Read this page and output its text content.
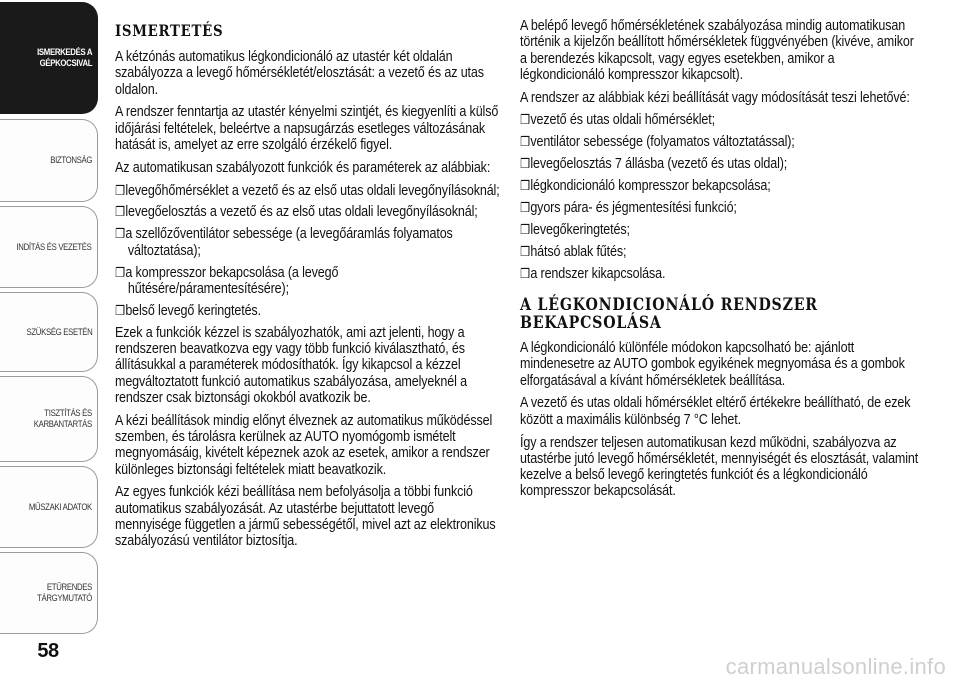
ISMERKEDÉS A
GÉPKOCSIVAL
BIZTONSÁG
INDÍTÁS ÉS VEZETÉS
SZÜKSÉG ESETÉN
TISZTÍTÁS ÉS
KARBANTARTÁS
MŰSZAKI ADATOK
ETŰRENDES
TÁRGYMUTATÓ
58
ISMERTETÉS

A kétzónás automatikus légkondicionáló az utastér két oldalán szabályozza a levegő hőmérsékletét/elosztását: a vezető és az utas oldalon.

A rendszer fenntartja az utastér kényelmi szintjét, és kiegyenlíti a külső időjárási feltételek, beleértve a napsugárzás esetleges változásának hatását is, amelyet az erre szolgáló érzékelő figyel.

Az automatikusan szabályozott funkciók és paraméterek az alábbiak:

❒levegőhőmérséklet a vezető és az első utas oldali levegőnyílásoknál;

❒levegőelosztás a vezető és az első utas oldali levegőnyílásoknál;

❒a szellőzőventilátor sebessége (a levegőáramlás folyamatos változtatása);

❒a kompresszor bekapcsolása (a levegő hűtésére/páramentesítésére);

❒belső levegő keringtetés.

Ezek a funkciók kézzel is szabályozhatók, ami azt jelenti, hogy a rendszeren beavatkozva egy vagy több funkció kiválasztható, és állításukkal a paraméterek módosíthatók. Így kikapcsol a kézzel megváltoztatott funkció automatikus szabályozása, amelyeknél a rendszer csak biztonsági okokból avatkozik be.

A kézi beállítások mindig előnyt élveznek az automatikus működéssel szemben, és tárolásra kerülnek az AUTO nyomógomb ismételt megnyomásáig, kivételt képeznek azok az esetek, amikor a rendszer különleges biztonsági feltételek miatt beavatkozik.

Az egyes funkciók kézi beállítása nem befolyásolja a többi funkció automatikus szabályozását. Az utastérbe bejuttatott levegő mennyisége független a jármű sebességétől, mivel azt az elektronikus szabályozású ventilátor biztosítja.

A belépő levegő hőmérsékletének szabályozása mindig automatikusan történik a kijelzőn beállított hőmérsékletek függvényében (kivéve, amikor a berendezés kikapcsolt, vagy egyes esetekben, amikor a légkondicionáló kompresszor kikapcsolt).

A rendszer az alábbiak kézi beállítását vagy módosítását teszi lehetővé:

❒vezető és utas oldali hőmérséklet;

❒ventilátor sebessége (folyamatos változtatással);

❒levegőelosztás 7 állásba (vezető és utas oldal);

❒légkondicionáló kompresszor bekapcsolása;

❒gyors pára- és jégmentesítési funkció;

❒levegőkeringtetés;

❒hátsó ablak fűtés;

❒a rendszer kikapcsolása.

A LÉGKONDICIONÁLÓ RENDSZER BEKAPCSOLÁSA

A légkondicionáló különféle módokon kapcsolható be: ajánlott mindenesetre az AUTO gombok egyikének megnyomása és a gombok elforgatásával a kívánt hőmérsékletek beállítása.

A vezető és utas oldali hőmérséklet eltérő értékekre beállítható, de ezek között a maximális különbség 7 °C lehet.

Így a rendszer teljesen automatikusan kezd működni, szabályozva az utastérbe jutó levegő hőmérsékletét, mennyiségét és elosztását, valamint kezelve a belső levegő keringtetés funkciót és a légkondicionáló kompresszor bekapcsolását.

carmanualsonline.info
